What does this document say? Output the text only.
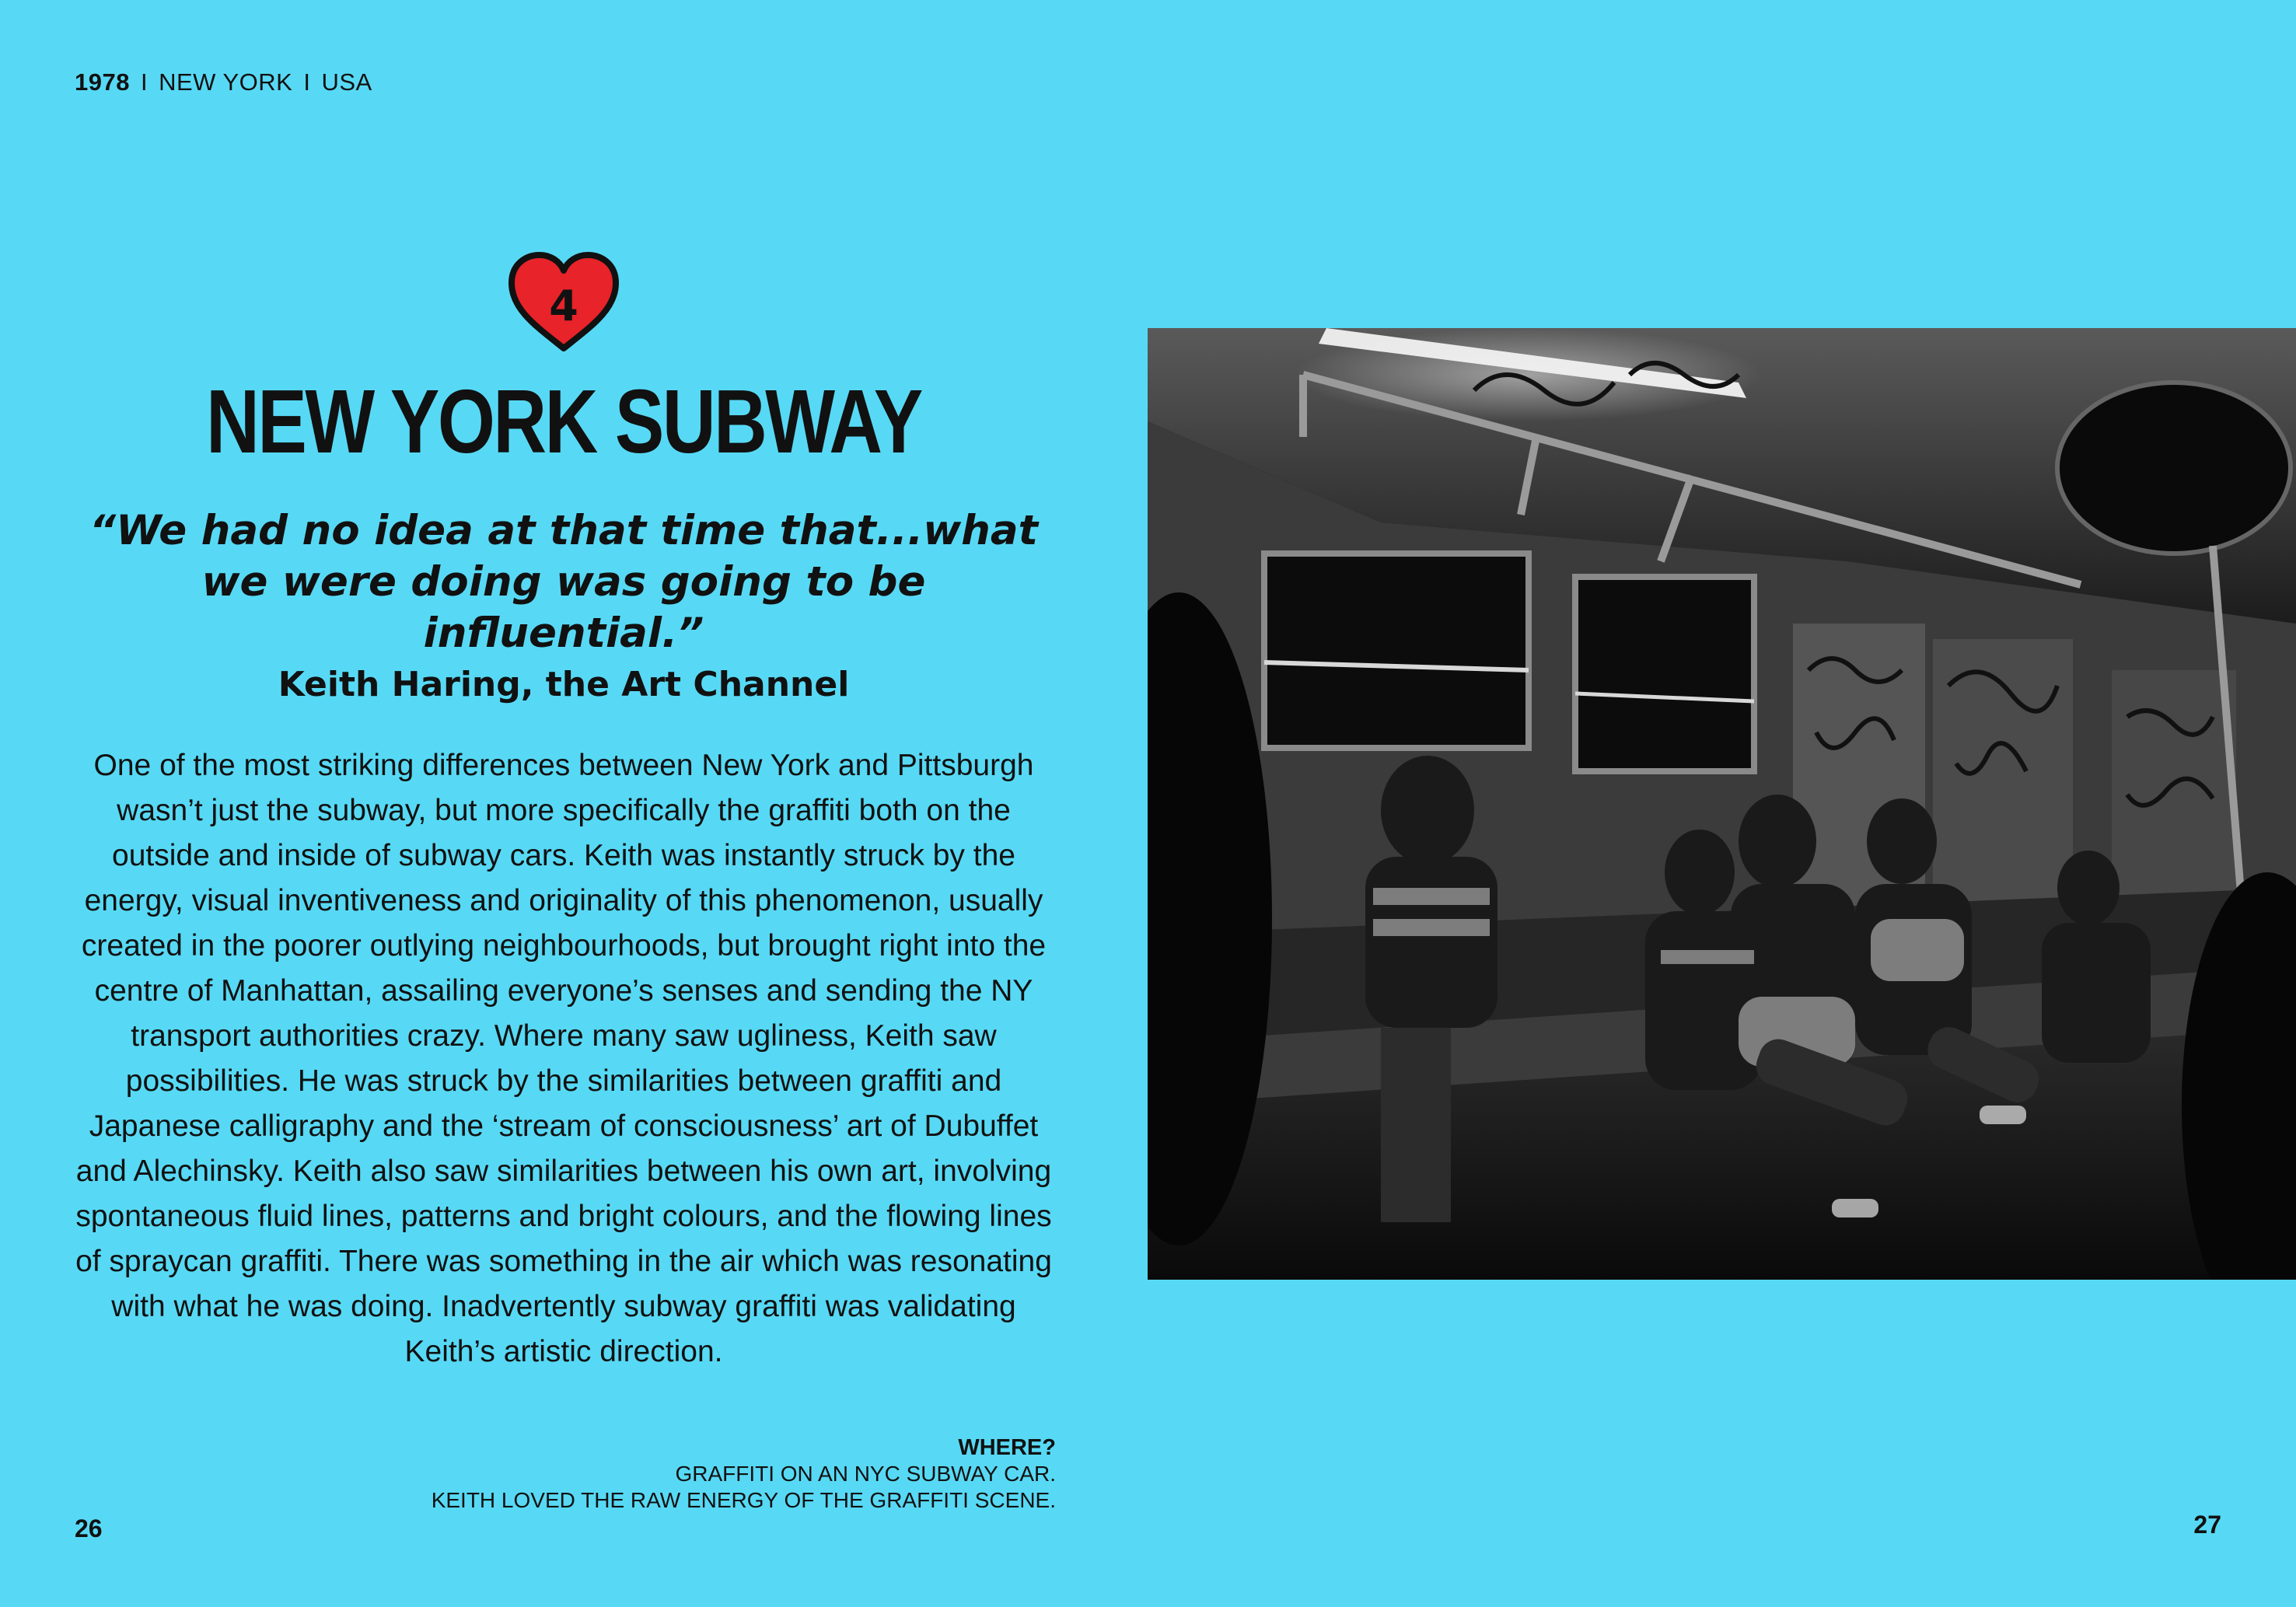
1978 I NEW YORK I USA
4
NEW YORK SUBWAY
“We had no idea at that time that...what we were doing was going to be influential.”
Keith Haring, the Art Channel
One of the most striking differences between New York and Pittsburgh wasn’t just the subway, but more specifically the graffiti both on the outside and inside of subway cars. Keith was instantly struck by the energy, visual inventiveness and originality of this phenomenon, usually created in the poorer outlying neighbourhoods, but brought right into the centre of Manhattan, assailing everyone’s senses and sending the NY transport authorities crazy. Where many saw ugliness, Keith saw possibilities. He was struck by the similarities between graffiti and Japanese calligraphy and the ‘stream of consciousness’ art of Dubuffet and Alechinsky. Keith also saw similarities between his own art, involving spontaneous fluid lines, patterns and bright colours, and the flowing lines of spraycan graffiti. There was something in the air which was resonating with what he was doing. Inadvertently subway graffiti was validating Keith’s artistic direction.
WHERE?
GRAFFITI ON AN NYC SUBWAY CAR.
KEITH LOVED THE RAW ENERGY OF THE GRAFFITI SCENE.
26	27
